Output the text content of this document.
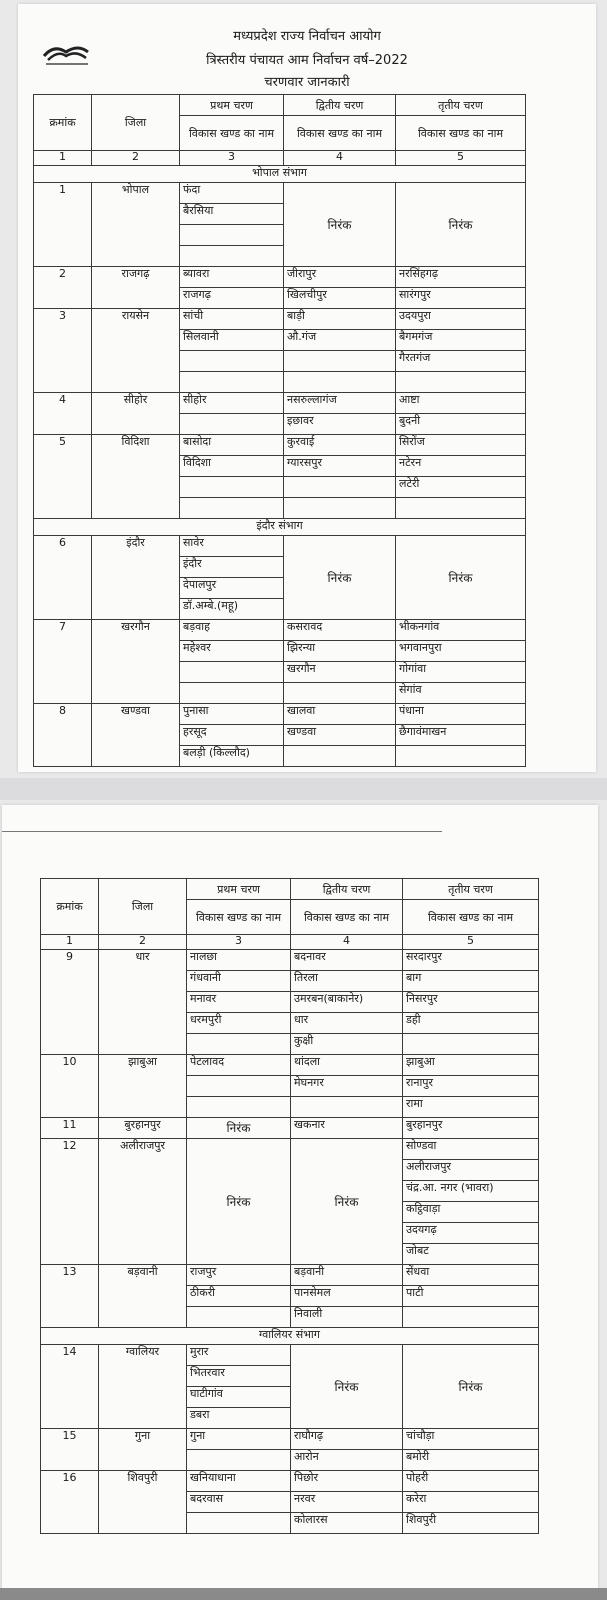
मध्यप्रदेश राज्य निर्वाचन आयोग
त्रिस्तरीय पंचायत आम निर्वाचन वर्ष–2022
चरणवार जानकारी
क्रमांक	जिला	प्रथम चरण	द्वितीय चरण	तृतीय चरण
		विकास खण्ड का नाम	विकास खण्ड का नाम	विकास खण्ड का नाम
1	2	3	4	5
भोपाल संभाग				
1	भोपाल	फंदा	निरंक	निरंक
		बैरसिया		

2	राजगढ़	ब्यावरा	जीरापुर	नरसिंहगढ़
		राजगढ़	खिलचीपुर	सारंगपुर
3	रायसेन	सांची	बाड़ी	उदयपुरा
		सिलवानी	औ.गंज	बैगमगंज
				गैरतगंज

4	सीहोर	सीहोर	नसरुल्लागंज	आष्टा
			इछावर	बुदनी
5	विदिशा	बासोदा	कुरवाई	सिरोंज
		विदिशा	ग्यारसपुर	नटेरन
				लटेरी

इंदौर संभाग				
6	इंदौर	सावेर	निरंक	निरंक
		इंदौर		
		देपालपुर		
		डॉ.अम्बे.(महू)		
7	खरगौन	बड़वाह	कसरावद	भीकनगांव
		महेश्वर	झिरन्या	भगवानपुरा
			खरगौन	गोगांवा
				सेगांव
8	खण्डवा	पुनासा	खालवा	पंधाना
		हरसूद	खण्डवा	छैगावंमाखन
		बलड़ी (किल्लौद)		
क्रमांक	जिला	प्रथम चरण	द्वितीय चरण	तृतीय चरण
		विकास खण्ड का नाम	विकास खण्ड का नाम	विकास खण्ड का नाम
1	2	3	4	5
9	धार	नालछा	बदनावर	सरदारपुर
		गंधवानी	तिरला	बाग
		मनावर	उमरबन(बाकानेर)	निसरपुर
		धरमपुरी	धार	डही
			कुक्षी	
10	झाबुआ	पेटलावद	थांदला	झाबुआ
			मेघनगर	रानापुर
				रामा
11	बुरहानपुर	निरंक	खकनार	बुरहानपुर
12	अलीराजपुर	निरंक	निरंक	सोण्डवा
				अलीराजपुर
				चंद्र.आ. नगर (भावरा)
				कट्ठिवाड़ा
				उदयगढ़
				जोबट
13	बड़वानी	राजपुर	बड़वानी	सेंधवा
		ठीकरी	पानसेमल	पाटी
			निवाली	
ग्वालियर संभाग				
14	ग्वालियर	मुरार	निरंक	निरंक
		भितरवार		
		घाटीगांव		
		डबरा		
15	गुना	गुना	राघौगढ़	चांचौड़ा
			आरोन	बमोरी
16	शिवपुरी	खनियाधाना	पिछोर	पोहरी
		बदरवास	नरवर	करेरा
			कोलारस	शिवपुरी
